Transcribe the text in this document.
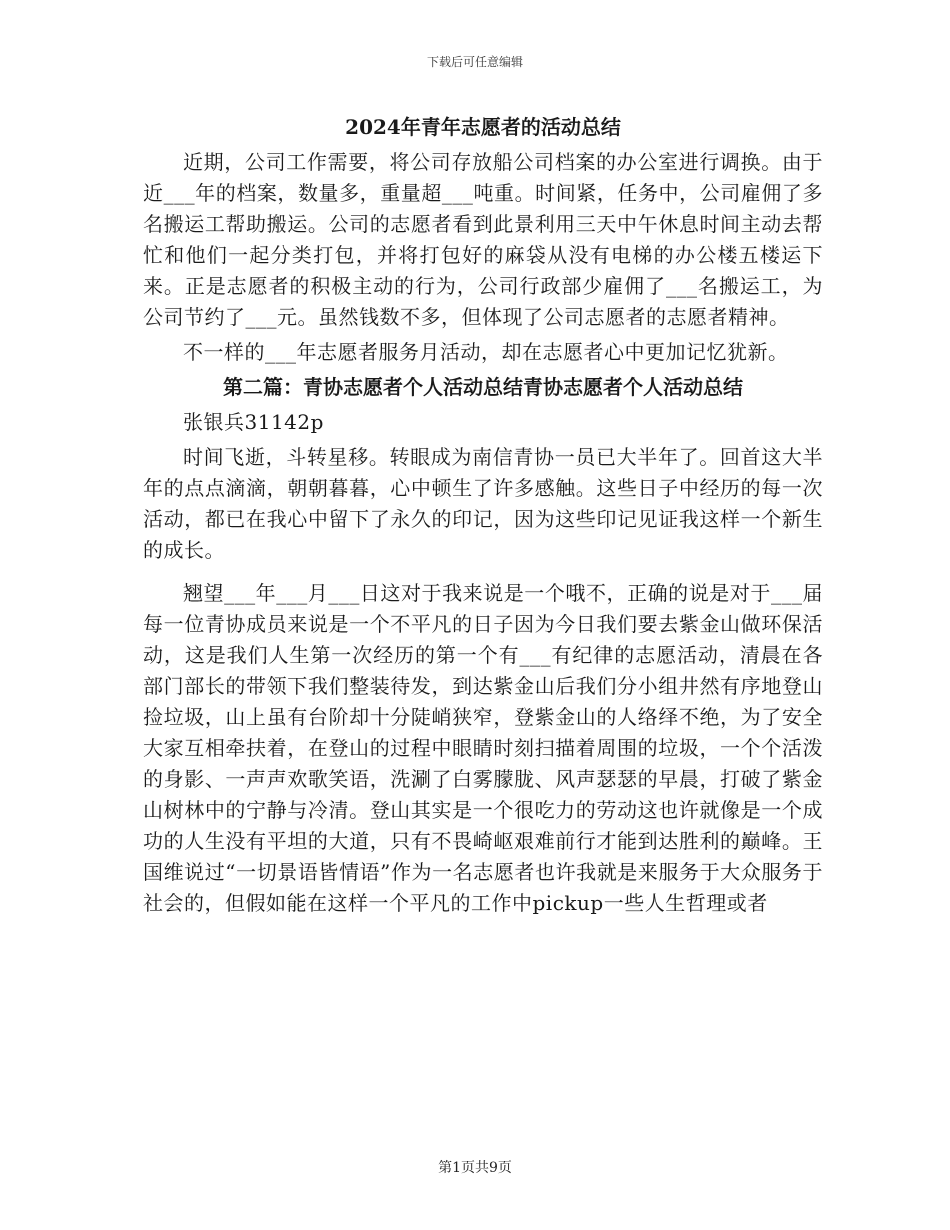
下载后可任意编辑
2024年青年志愿者的活动总结

近期，公司工作需要，将公司存放船公司档案的办公室进行调换。由于近___年的档案，数量多，重量超___吨重。时间紧，任务中，公司雇佣了多名搬运工帮助搬运。公司的志愿者看到此景利用三天中午休息时间主动去帮忙和他们一起分类打包，并将打包好的麻袋从没有电梯的办公楼五楼运下来。正是志愿者的积极主动的行为，公司行政部少雇佣了___名搬运工，为公司节约了___元。虽然钱数不多，但体现了公司志愿者的志愿者精神。

不一样的___年志愿者服务月活动，却在志愿者心中更加记忆犹新。

第二篇：青协志愿者个人活动总结青协志愿者个人活动总结

张银兵31142p

时间飞逝，斗转星移。转眼成为南信青协一员已大半年了。回首这大半年的点点滴滴，朝朝暮暮，心中顿生了许多感触。这些日子中经历的每一次活动，都已在我心中留下了永久的印记，因为这些印记见证我这样一个新生的成长。

翘望___年___月___日这对于我来说是一个哦不，正确的说是对于___届每一位青协成员来说是一个不平凡的日子因为今日我们要去紫金山做环保活动，这是我们人生第一次经历的第一个有___有纪律的志愿活动，清晨在各部门部长的带领下我们整装待发，到达紫金山后我们分小组井然有序地登山捡垃圾，山上虽有台阶却十分陡峭狭窄，登紫金山的人络绎不绝，为了安全大家互相牵扶着，在登山的过程中眼睛时刻扫描着周围的垃圾，一个个活泼的身影、一声声欢歌笑语，洗涮了白雾朦胧、风声瑟瑟的早晨，打破了紫金山树林中的宁静与冷清。登山其实是一个很吃力的劳动这也许就像是一个成功的人生没有平坦的大道，只有不畏崎岖艰难前行才能到达胜利的巅峰。王国维说过“一切景语皆情语”作为一名志愿者也许我就是来服务于大众服务于社会的，但假如能在这样一个平凡的工作中pickup一些人生哲理或者

第1页共9页
